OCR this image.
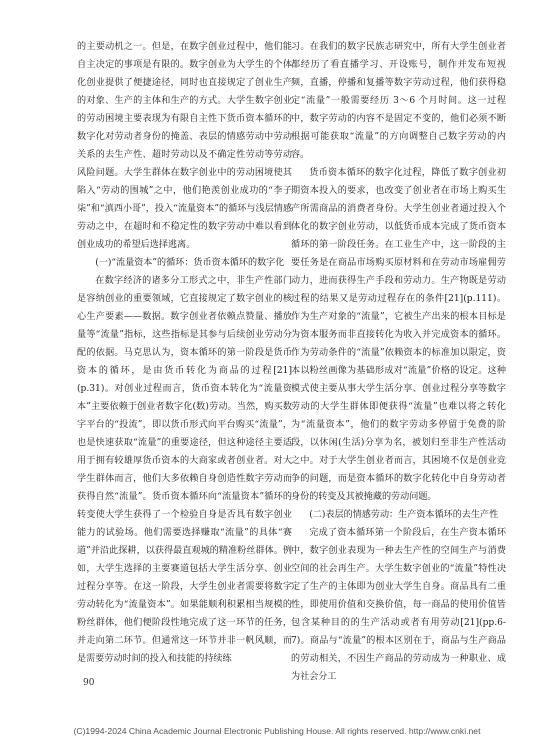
的主要动机之一。但是，在数字创业过程中，他们能自主决定的事项是有限的。数字创业为大学生的个体化创业提供了便捷途径，同时也直接规定了创业生产的对象、生产的主体和生产的方式。大学生数字创业的劳动困境主要表现为有限自主性下货币资本循环的数字化对劳动者身份的掩盖、表层的情感劳动中劳动关系的去生产性、超时劳动以及不确定性劳动等劳动风险问题。大学生群体在数字创业中的劳动困境使其陷入“劳动的围城”之中，他们艳羡创业成功的“李子柒”和“滇西小哥”，投入“流量资本”的循环与浅层情感劳动之中，在超时和不稳定性的数字劳动中难以看到创业成功的希望后选择逃离。

(一)“流量资本”的循环：货币资本循环的数字化

在数字经济的诸多分工形式之中，非生产性部门是容纳创业的重要领域，它直接规定了数字创业的核心生产要素——数据。数字创业者依赖点赞量、播放量等“流量”指标，这些指标是其参与后续创业劳动分配的依据。马克思认为，资本循环的第一阶段是货币资本的循环，是由货币转化为商品的过程[21](p.31)。对创业过程而言，货币资本转化为“流量资本”主要依赖于创业者数字化(数)劳动。当然，购买数字平台的“投流”，即以货币形式向平台购买“流量”，也是快速获取“流量”的重要途径，但这种途径主要适用于拥有较雄厚货币资本的大商家或者创业者。对大学生群体而言，他们大多依赖自身创造性数字劳动而获得自然“流量”。货币资本循环向“流量资本”循环的转变使大学生获得了一个检验自身是否具有数字创业能力的试验场。他们需要选择赚取“流量”的具体“赛道”并沿此探耕，以获得最直观城的精准粉丝群体。例如，大学生选择的主要赛道包括大学生活分享、创业过程分享等。在这一阶段，大学生创业者需要将数字劳动转化为“流量资本”。如果能顺利积累相当规模的粉丝群体，他们便阶段性地完成了这一环节的任务，并走向第二环节。但通常这一环节并非一帆风顺，而是需要劳动时间的投入和技能的持续练

习。在我们的数字民族志研究中，所有大学生创业者都经历了看直播学习、开设账号，制作并发布短视频，直播，停播和复播等数字劳动过程，他们获得稳定“流量”一般需要经历 3～6 个月时间。这一过程中，数字劳动的内容不是固定不变的，他们必须不断根据可能获取“流量”的方向调整自己数字劳动的内容。

货币资本循环的数字化过程，降低了数字创业初期资本投入的要求，也改变了创业者在市场上购买生产所需商品的消费者身份。大学生创业者通过投入个体化的数字创业劳动，以低货币成本完成了货币资本循环的第一阶段任务。在工业生产中，这一阶段的主要任务是在商品市场购买原材料和在劳动市场雇佣劳动力，进而获得生产手段和劳动力。生产物既是劳动过程的结果又是劳动过程存在的条件[21](p.111)。作为生产对象的“流量”，它被生产出来的根本目标是为资本服务而非直接转化为收入并完成资本的循环。作为劳动条件的“流量”依赖资本的标准加以限定，资本以粉丝画像为基础形成对“流量”价格的设定。这种模式使主要从事大学生活分享、创业过程分享等数字劳动的大学生群体即便获得“流量”也难以将之转化为“流量资本”，他们的数字劳动多停留于免费的阶段，以休闲(生活)分享为名，被划归至非生产性活动之中。对于大学生创业者而言，其困境不仅是创业竞争的问题，而是资本循环的数字化转化中自身劳动者身份的转变及其被掩藏的劳动问题。

(二)表层的情感劳动：生产资本循环的去生产性

完成了资本循环第一个阶段后，在生产资本循环中，数字创业表现为一种去生产性的空间生产与消费空间的社会再生产。大学生数字创业的“流量”特性决定了生产的主体即为创业大学生自身。商品具有二重性，即使用价值和交换价值，每一商品的使用价值皆包含某种目的的生产活动或者有用劳动[21](pp.6-7)。商品与“流量”的根本区别在于，商品与生产商品的劳动相关，不因生产商品的劳动成为一种职业、成为社会分工

90
(C)1994-2024 China Academic Journal Electronic Publishing House. All rights reserved. http://www.cnki.net
